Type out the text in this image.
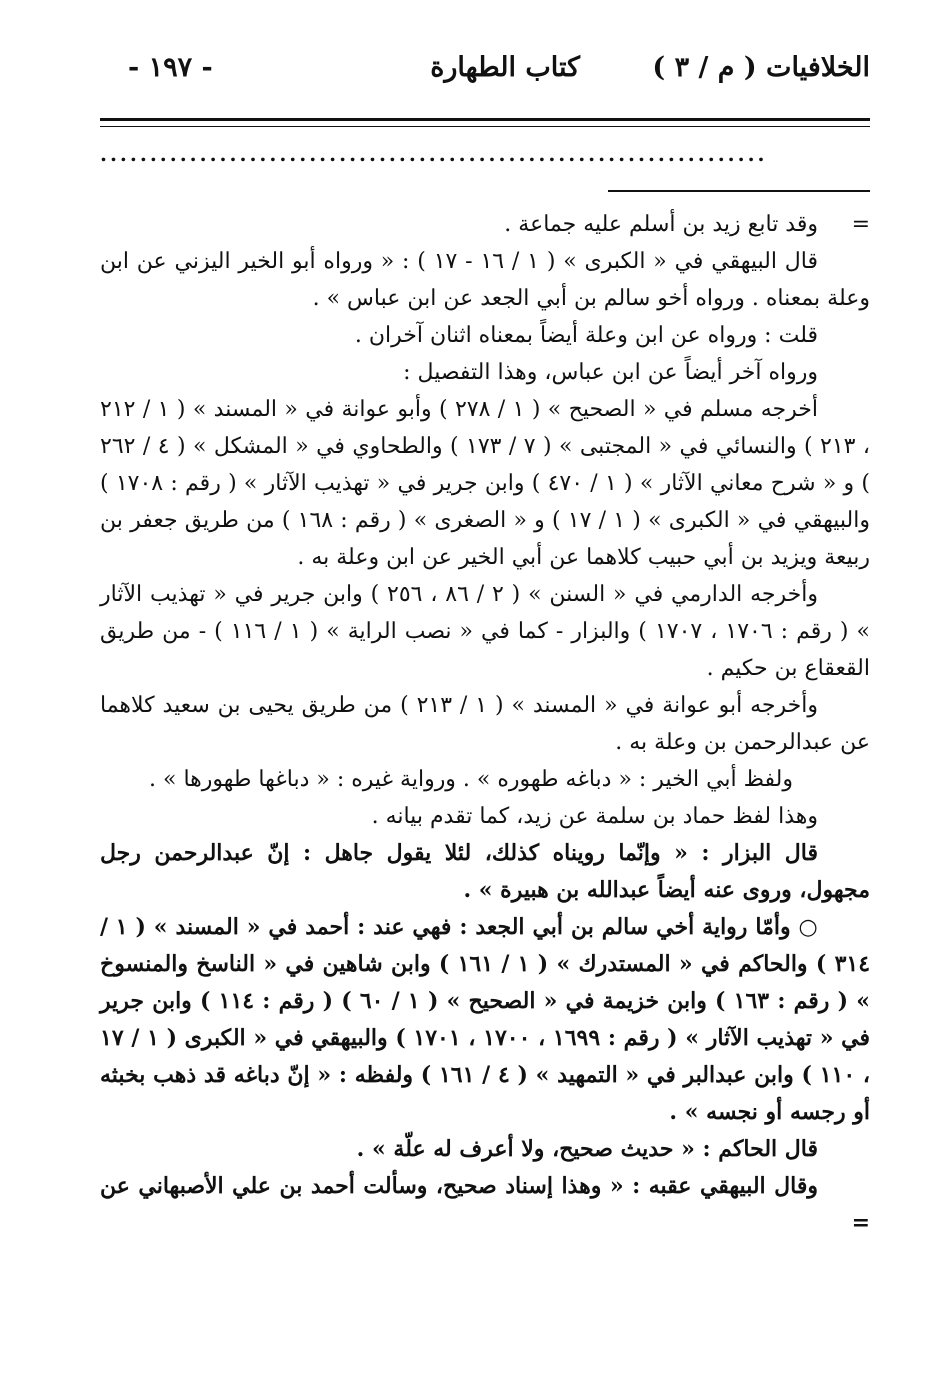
الخلافيات ( م / ٣ )
كتاب الطهارة
- ١٩٧ -
...................................................................

=وقد تابع زيد بن أسلم عليه جماعة .

قال البيهقي في « الكبرى » ( ١ / ١٦ - ١٧ ) : « ورواه أبو الخير اليزني عن ابن وعلة بمعناه . ورواه أخو سالم بن أبي الجعد عن ابن عباس » .

قلت : ورواه عن ابن وعلة أيضاً بمعناه اثنان آخران .

ورواه آخر أيضاً عن ابن عباس، وهذا التفصيل :

أخرجه مسلم في « الصحيح » ( ١ / ٢٧٨ ) وأبو عوانة في « المسند » ( ١ / ٢١٢ ، ٢١٣ ) والنسائي في « المجتبى » ( ٧ / ١٧٣ ) والطحاوي في « المشكل » ( ٤ / ٢٦٢ ) و « شرح معاني الآثار » ( ١ / ٤٧٠ ) وابن جرير في « تهذيب الآثار » ( رقم : ١٧٠٨ ) والبيهقي في « الكبرى » ( ١ / ١٧ ) و « الصغرى » ( رقم : ١٦٨ ) من طريق جعفر بن ربيعة ويزيد بن أبي حبيب كلاهما عن أبي الخير عن ابن وعلة به .

وأخرجه الدارمي في « السنن » ( ٢ / ٨٦ ، ٢٥٦ ) وابن جرير في « تهذيب الآثار » ( رقم : ١٧٠٦ ، ١٧٠٧ ) والبزار - كما في « نصب الراية » ( ١ / ١١٦ ) - من طريق القعقاع بن حكيم .

وأخرجه أبو عوانة في « المسند » ( ١ / ٢١٣ ) من طريق يحيى بن سعيد كلاهما عن عبدالرحمن بن وعلة به .

ولفظ أبي الخير : « دباغه طهوره » . ورواية غيره : « دباغها طهورها » .

وهذا لفظ حماد بن سلمة عن زيد، كما تقدم بيانه .

قال البزار : « وإنّما رويناه كذلك، لئلا يقول جاهل : إنّ عبدالرحمن رجل مجهول، وروى عنه أيضاً عبدالله بن هبيرة » .

○ وأمّا رواية أخي سالم بن أبي الجعد : فهي عند : أحمد في « المسند » ( ١ / ٣١٤ ) والحاكم في « المستدرك » ( ١ / ١٦١ ) وابن شاهين في « الناسخ والمنسوخ » ( رقم : ١٦٣ ) وابن خزيمة في « الصحيح » ( ١ / ٦٠ ) ( رقم : ١١٤ ) وابن جرير في « تهذيب الآثار » ( رقم : ١٦٩٩ ، ١٧٠٠ ، ١٧٠١ ) والبيهقي في « الكبرى ( ١ / ١٧ ، ١١٠ ) وابن عبدالبر في « التمهيد » ( ٤ / ١٦١ ) ولفظه : « إنّ دباغه قد ذهب بخبثه أو رجسه أو نجسه » .

قال الحاكم : « حديث صحيح، ولا أعرف له علّة » .

وقال البيهقي عقبه : « وهذا إسناد صحيح، وسألت أحمد بن علي الأصبهاني عن =
